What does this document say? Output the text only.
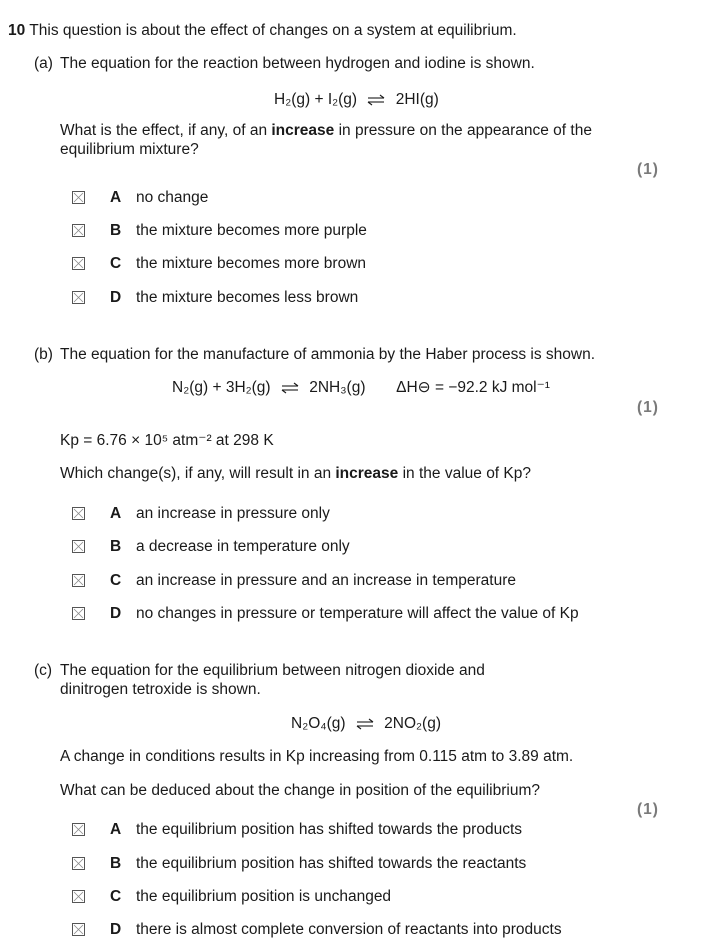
10 This question is about the effect of changes on a system at equilibrium.
(a) The equation for the reaction between hydrogen and iodine is shown.
H₂(g) + I₂(g) 2HI(g)
What is the effect, if any, of an increase in pressure on the appearance of the
equilibrium mixture?
(1)
A no change
B the mixture becomes more purple
C the mixture becomes more brown
D the mixture becomes less brown
(b) The equation for the manufacture of ammonia by the Haber process is shown.
N₂(g) + 3H₂(g) 2NH₃(g) ΔH⊖ = −92.2 kJ mol⁻¹
(1)
Kp = 6.76 × 10⁵ atm⁻² at 298 K
Which change(s), if any, will result in an increase in the value of Kp?
A an increase in pressure only
B a decrease in temperature only
C an increase in pressure and an increase in temperature
D no changes in pressure or temperature will affect the value of Kp
(c) The equation for the equilibrium between nitrogen dioxide and
dinitrogen tetroxide is shown.
N₂O₄(g) 2NO₂(g)
A change in conditions results in Kp increasing from 0.115 atm to 3.89 atm.
What can be deduced about the change in position of the equilibrium?
(1)
A the equilibrium position has shifted towards the products
B the equilibrium position has shifted towards the reactants
C the equilibrium position is unchanged
D there is almost complete conversion of reactants into products
